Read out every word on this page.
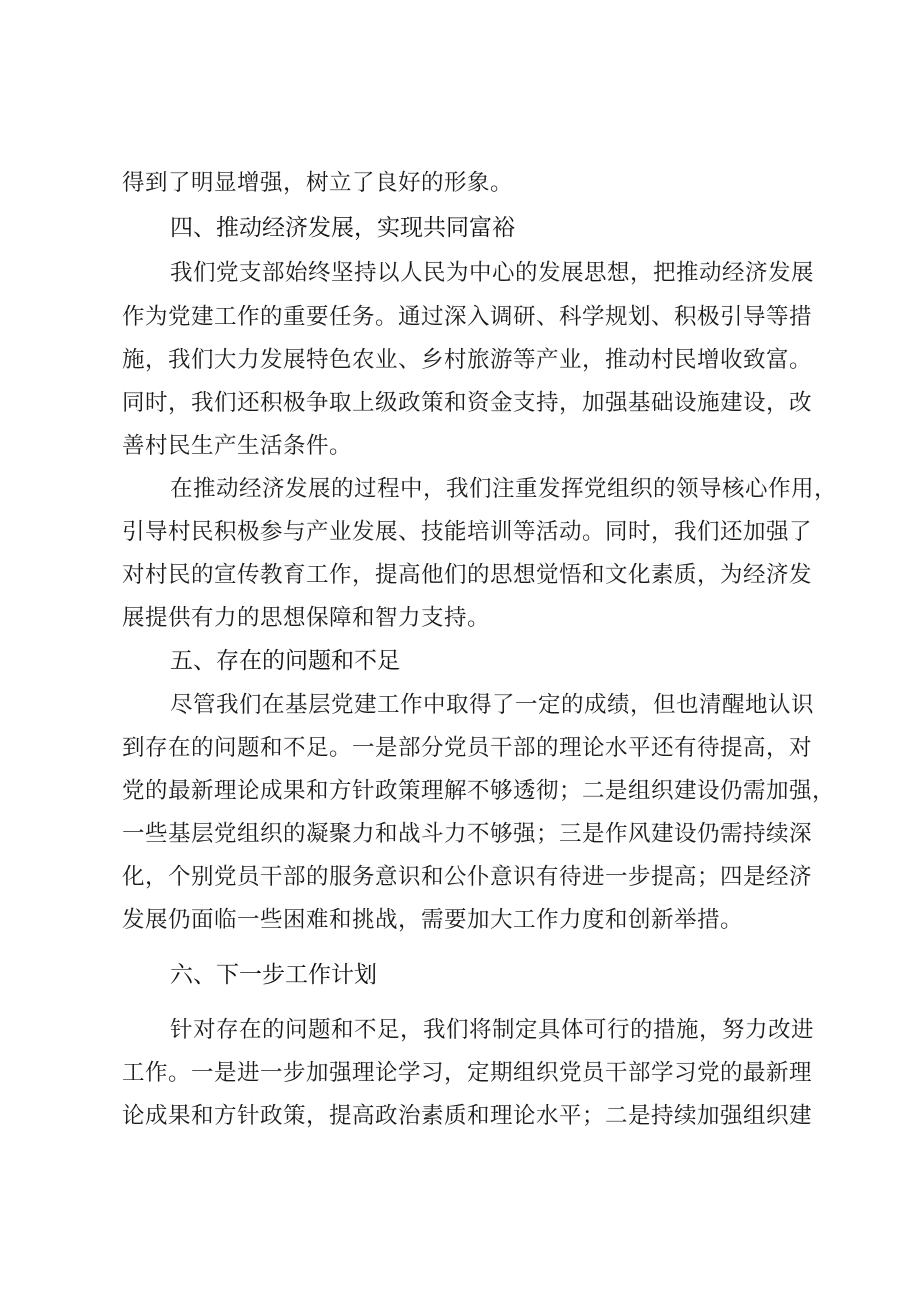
得到了明显增强，树立了良好的形象。
四、推动经济发展，实现共同富裕
我们党支部始终坚持以人民为中心的发展思想，把推动经济发展
作为党建工作的重要任务。通过深入调研、科学规划、积极引导等措
施，我们大力发展特色农业、乡村旅游等产业，推动村民增收致富。
同时，我们还积极争取上级政策和资金支持，加强基础设施建设，改
善村民生产生活条件。
在推动经济发展的过程中，我们注重发挥党组织的领导核心作用，
引导村民积极参与产业发展、技能培训等活动。同时，我们还加强了
对村民的宣传教育工作，提高他们的思想觉悟和文化素质，为经济发
展提供有力的思想保障和智力支持。
五、存在的问题和不足
尽管我们在基层党建工作中取得了一定的成绩，但也清醒地认识
到存在的问题和不足。一是部分党员干部的理论水平还有待提高，对
党的最新理论成果和方针政策理解不够透彻；二是组织建设仍需加强，
一些基层党组织的凝聚力和战斗力不够强；三是作风建设仍需持续深
化，个别党员干部的服务意识和公仆意识有待进一步提高；四是经济
发展仍面临一些困难和挑战，需要加大工作力度和创新举措。
六、下一步工作计划
针对存在的问题和不足，我们将制定具体可行的措施，努力改进
工作。一是进一步加强理论学习，定期组织党员干部学习党的最新理
论成果和方针政策，提高政治素质和理论水平；二是持续加强组织建
